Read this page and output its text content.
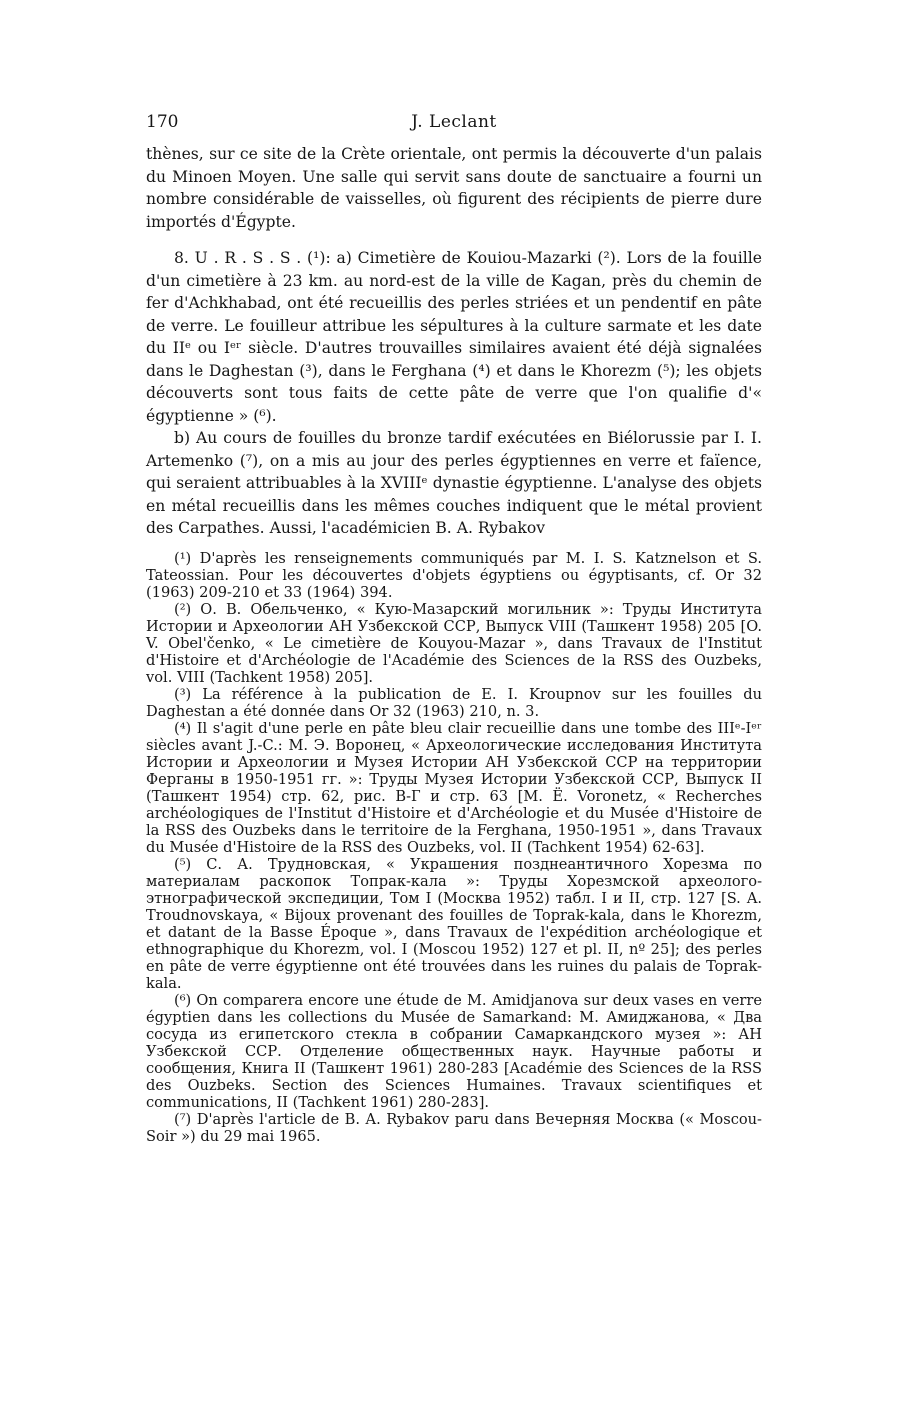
170	J. Leclant

thènes, sur ce site de la Crète orientale, ont permis la découverte d'un palais du Minoen Moyen. Une salle qui servit sans doute de sanctuaire a fourni un nombre considérable de vaisselles, où figurent des récipients de pierre dure importés d'Égypte.

8. U . R . S . S . (¹): a) Cimetière de Kouiou-Mazarki (²). Lors de la fouille d'un cimetière à 23 km. au nord-est de la ville de Kagan, près du chemin de fer d'Achkhabad, ont été recueillis des perles striées et un pendentif en pâte de verre. Le fouilleur attribue les sépultures à la culture sarmate et les date du IIᵉ ou Iᵉʳ siècle. D'autres trouvailles similaires avaient été déjà signalées dans le Daghestan (³), dans le Ferghana (⁴) et dans le Khorezm (⁵); les objets découverts sont tous faits de cette pâte de verre que l'on qualifie d'« égyptienne » (⁶).

b) Au cours de fouilles du bronze tardif exécutées en Biélorussie par I. I. Artemenko (⁷), on a mis au jour des perles égyptiennes en verre et faïence, qui seraient attribuables à la XVIIIᵉ dynastie égyptienne. L'analyse des objets en métal recueillis dans les mêmes couches indiquent que le métal provient des Carpathes. Aussi, l'académicien B. A. Rybakov

(¹) D'après les renseignements communiqués par M. I. S. Katznelson et S. Tateossian. Pour les découvertes d'objets égyptiens ou égyptisants, cf. Or 32 (1963) 209-210 et 33 (1964) 394.

(²) О. В. Обельченко, « Кую-Мазарский могильник »: Труды Института Истории и Археологии АН Узбекской ССР, Выпуск VIII (Ташкент 1958) 205 [O. V. Obel'čenko, « Le cimetière de Kouyou-Mazar », dans Travaux de l'Institut d'Histoire et d'Archéologie de l'Académie des Sciences de la RSS des Ouzbeks, vol. VIII (Tachkent 1958) 205].

(³) La référence à la publication de E. I. Kroupnov sur les fouilles du Daghestan a été donnée dans Or 32 (1963) 210, n. 3.

(⁴) Il s'agit d'une perle en pâte bleu clair recueillie dans une tombe des IIIᵉ-Iᵉʳ siècles avant J.-C.: М. Э. Воронец, « Археологические исследования Института Истории и Археологии и Музея Истории АН Узбекской ССР на территории Ферганы в 1950-1951 гг. »: Труды Музея Истории Узбекской ССР, Выпуск II (Ташкент 1954) стр. 62, рис. В-Г и стр. 63 [M. Ë. Voronetz, « Recherches archéologiques de l'Institut d'Histoire et d'Archéologie et du Musée d'Histoire de la RSS des Ouzbeks dans le territoire de la Ferghana, 1950-1951 », dans Travaux du Musée d'Histoire de la RSS des Ouzbeks, vol. II (Tachkent 1954) 62-63].

(⁵) С. А. Трудновская, « Украшения позднеантичного Хорезма по материалам раскопок Топрак-кала »: Труды Хорезмской археолого-этнографической экспедиции, Том I (Москва 1952) табл. I и II, стр. 127 [S. A. Troudnovskaya, « Bijoux provenant des fouilles de Toprak-kala, dans le Khorezm, et datant de la Basse Époque », dans Travaux de l'expédition archéologique et ethnographique du Khorezm, vol. I (Moscou 1952) 127 et pl. II, nº 25]; des perles en pâte de verre égyptienne ont été trouvées dans les ruines du palais de Toprak-kala.

(⁶) On comparera encore une étude de M. Amidjanova sur deux vases en verre égyptien dans les collections du Musée de Samarkand: М. Амиджанова, « Два сосуда из египетского стекла в собрании Самаркандского музея »: АН Узбекской ССР. Отделение общественных наук. Научные работы и сообщения, Книга II (Ташкент 1961) 280-283 [Académie des Sciences de la RSS des Ouzbeks. Section des Sciences Humaines. Travaux scientifiques et communications, II (Tachkent 1961) 280-283].

(⁷) D'après l'article de B. A. Rybakov paru dans Вечерняя Москва (« Moscou-Soir ») du 29 mai 1965.
